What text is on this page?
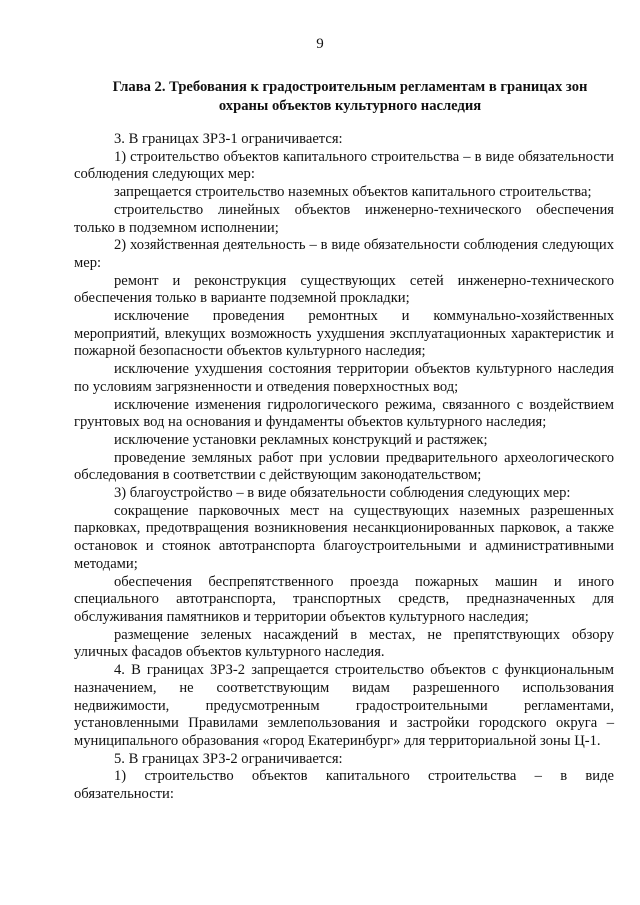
9
Глава 2. Требования к градостроительным регламентам в границах зон охраны объектов культурного наследия

3. В границах ЗРЗ-1 ограничивается:

1) строительство объектов капитального строительства – в виде обязательности соблюдения следующих мер:

запрещается строительство наземных объектов капитального строительства;

строительство линейных объектов инженерно-технического обеспечения только в подземном исполнении;

2) хозяйственная деятельность – в виде обязательности соблюдения следующих мер:

ремонт и реконструкция существующих сетей инженерно-технического обеспечения только в варианте подземной прокладки;

исключение проведения ремонтных и коммунально-хозяйственных мероприятий, влекущих возможность ухудшения эксплуатационных характеристик и пожарной безопасности объектов культурного наследия;

исключение ухудшения состояния территории объектов культурного наследия по условиям загрязненности и отведения поверхностных вод;

исключение изменения гидрологического режима, связанного с воздействием грунтовых вод на основания и фундаменты объектов культурного наследия;

исключение установки рекламных конструкций и растяжек;

проведение земляных работ при условии предварительного археологического обследования в соответствии с действующим законодательством;

3) благоустройство – в виде обязательности соблюдения следующих мер:

сокращение парковочных мест на существующих наземных разрешенных парковках, предотвращения возникновения несанкционированных парковок, а также остановок и стоянок автотранспорта благоустроительными и административными методами;

обеспечения беспрепятственного проезда пожарных машин и иного специального автотранспорта, транспортных средств, предназначенных для обслуживания памятников и территории объектов культурного наследия;

размещение зеленых насаждений в местах, не препятствующих обзору уличных фасадов объектов культурного наследия.

4. В границах ЗРЗ-2 запрещается строительство объектов с функциональным назначением, не соответствующим видам разрешенного использования недвижимости, предусмотренным градостроительными регламентами, установленными Правилами землепользования и застройки городского округа – муниципального образования «город Екатеринбург» для территориальной зоны Ц-1.

5. В границах ЗРЗ-2 ограничивается:

1) строительство объектов капитального строительства – в виде обязательности:
